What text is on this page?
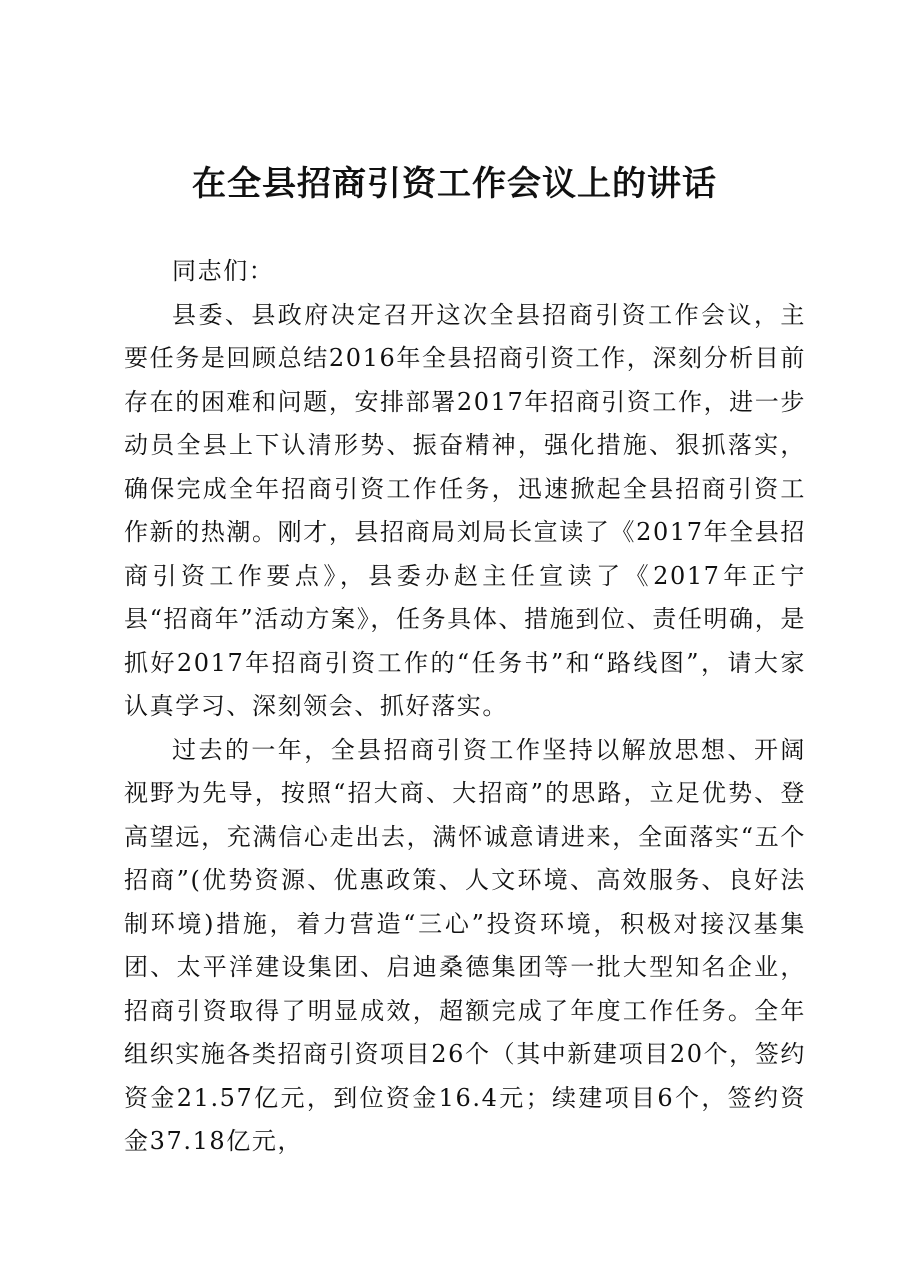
在全县招商引资工作会议上的讲话

同志们：

县委、县政府决定召开这次全县招商引资工作会议，主要任务是回顾总结2016年全县招商引资工作，深刻分析目前存在的困难和问题，安排部署2017年招商引资工作，进一步动员全县上下认清形势、振奋精神，强化措施、狠抓落实，确保完成全年招商引资工作任务，迅速掀起全县招商引资工作新的热潮。刚才，县招商局刘局长宣读了《2017年全县招商引资工作要点》，县委办赵主任宣读了《2017年正宁县“招商年”活动方案》，任务具体、措施到位、责任明确，是抓好2017年招商引资工作的“任务书”和“路线图”，请大家认真学习、深刻领会、抓好落实。

过去的一年，全县招商引资工作坚持以解放思想、开阔视野为先导，按照“招大商、大招商”的思路，立足优势、登高望远，充满信心走出去，满怀诚意请进来，全面落实“五个招商”(优势资源、优惠政策、人文环境、高效服务、良好法制环境)措施，着力营造“三心”投资环境，积极对接汉基集团、太平洋建设集团、启迪桑德集团等一批大型知名企业，招商引资取得了明显成效，超额完成了年度工作任务。全年组织实施各类招商引资项目26个（其中新建项目20个，签约资金21.57亿元，到位资金16.4元；续建项目6个，签约资金37.18亿元，
